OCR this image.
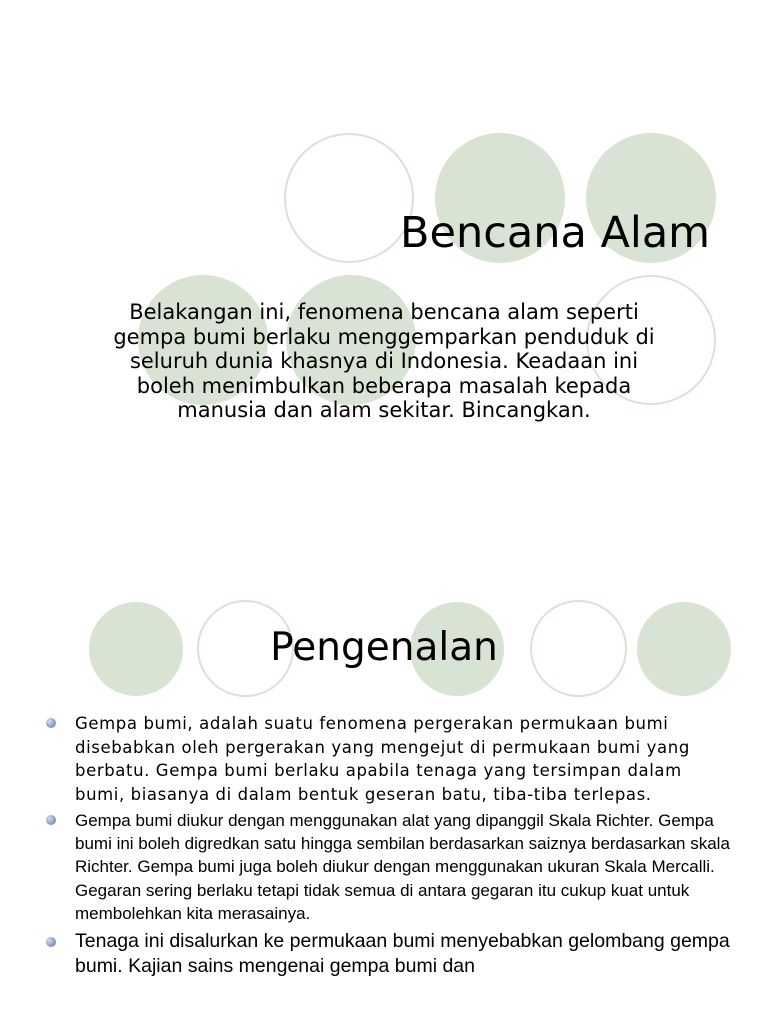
Bencana Alam

Belakangan ini, fenomena bencana alam seperti gempa bumi berlaku menggemparkan penduduk di seluruh dunia khasnya di Indonesia. Keadaan ini boleh menimbulkan beberapa masalah kepada manusia dan alam sekitar. Bincangkan.

Pengenalan
Gempa bumi, adalah suatu fenomena pergerakan permukaan bumi disebabkan oleh pergerakan yang mengejut di permukaan bumi yang berbatu. Gempa bumi berlaku apabila tenaga yang tersimpan dalam bumi, biasanya di dalam bentuk geseran batu, tiba-tiba terlepas.
Gempa bumi diukur dengan menggunakan alat yang dipanggil Skala Richter. Gempa bumi ini boleh digredkan satu hingga sembilan berdasarkan saiznya berdasarkan skala Richter. Gempa bumi juga boleh diukur dengan menggunakan ukuran Skala Mercalli. Gegaran sering berlaku tetapi tidak semua di antara gegaran itu cukup kuat untuk membolehkan kita merasainya.
Tenaga ini disalurkan ke permukaan bumi menyebabkan gelombang gempa bumi. Kajian sains mengenai gempa bumi dan
